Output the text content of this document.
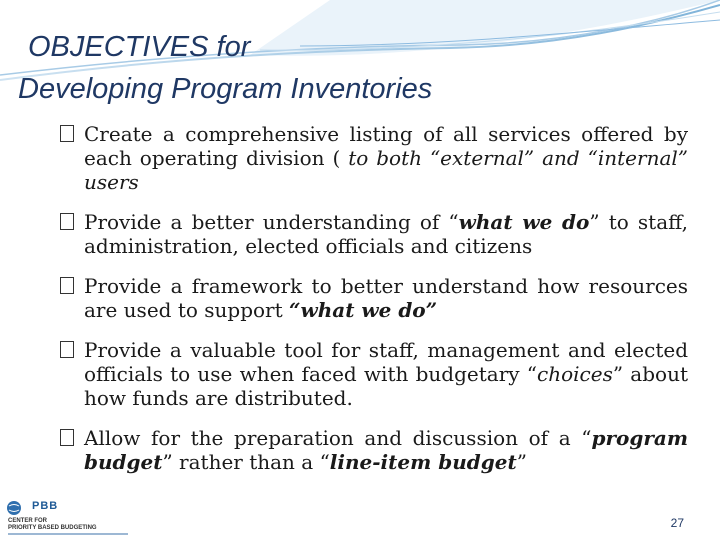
OBJECTIVES for
Developing Program Inventories
Create a comprehensive listing of all services offered by each operating division ( to both “external” and “internal” users
Provide a better understanding of “what we do” to staff, administration, elected officials and citizens
Provide a framework to better understand how resources are used to support “what we do”
Provide a valuable tool for staff, management and elected officials to use when faced with budgetary “choices” about how funds are distributed.
Allow for the preparation and discussion of a “program budget” rather than a “line-item budget”
PBB
CENTER FOR
PRIORITY BASED BUDGETING	27
